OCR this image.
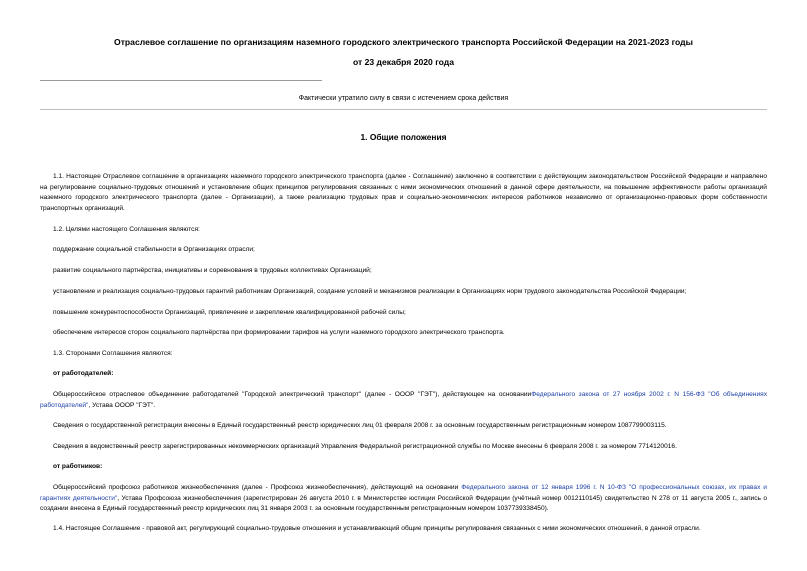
Отраслевое соглашение по организациям наземного городского электрического транспорта Российской Федерации на 2021-2023 годы
от 23 декабря 2020 года
Фактически утратило силу в связи с истечением срока действия
1. Общие положения

1.1. Настоящее Отраслевое соглашение в организациях наземного городского электрического транспорта (далее - Соглашение) заключено в соответствии с действующим законодательством Российской Федерации и направлено на регулирование социально-трудовых отношений и установление общих принципов регулирования связанных с ними экономических отношений в данной сфере деятельности, на повышение эффективности работы организаций наземного городского электрического транспорта (далее - Организации), а также реализацию трудовых прав и социально-экономических интересов работников независимо от организационно-правовых форм собственности транспортных организаций.

1.2. Целями настоящего Соглашения являются:

поддержание социальной стабильности в Организациях отрасли;

развитие социального партнёрства, инициативы и соревнования в трудовых коллективах Организаций;

установление и реализация социально-трудовых гарантий работникам Организаций, создание условий и механизмов реализации в Организациях норм трудового законодательства Российской Федерации;

повышение конкурентоспособности Организаций, привлечение и закрепление квалифицированной рабочей силы;

обеспечение интересов сторон социального партнёрства при формировании тарифов на услуги наземного городского электрического транспорта.

1.3. Сторонами Соглашения являются:

от работодателей:

Общероссийское отраслевое объединение работодателей "Городской электрический транспорт" (далее - ОООР "ГЭТ"), действующее на основанииФедерального закона от 27 ноября 2002 г. N 156-ФЗ "Об объединениях работодателей", Устава ОООР "ГЭТ".

Сведения о государственной регистрации внесены в Единый государственный реестр юридических лиц 01 февраля 2008 г. за основным государственным регистрационным номером 1087799003115.

Сведения в ведомственный реестр зарегистрированных некоммерческих организаций Управления Федеральной регистрационной службы по Москве внесены 6 февраля 2008 г. за номером 7714120016.

от работников:

Общероссийский профсоюз работников жизнеобеспечения (далее - Профсоюз жизнеобеспечения), действующий на основании Федерального закона от 12 января 1996 г. N 10-ФЗ "О профессиональных союзах, их правах и гарантиях деятельности", Устава Профсоюза жизнеобеспечения (зарегистрирован 26 августа 2010 г. в Министерстве юстиции Российской Федерации (учётный номер 0012110145) свидетельство N 278 от 11 августа 2005 г., запись о создании внесена в Единый государственный реестр юридических лиц 31 января 2003 г. за основным государственным регистрационным номером 1037739338450).

1.4. Настоящее Соглашение - правовой акт, регулирующий социально-трудовые отношения и устанавливающий общие принципы регулирования связанных с ними экономических отношений, в данной отрасли.
